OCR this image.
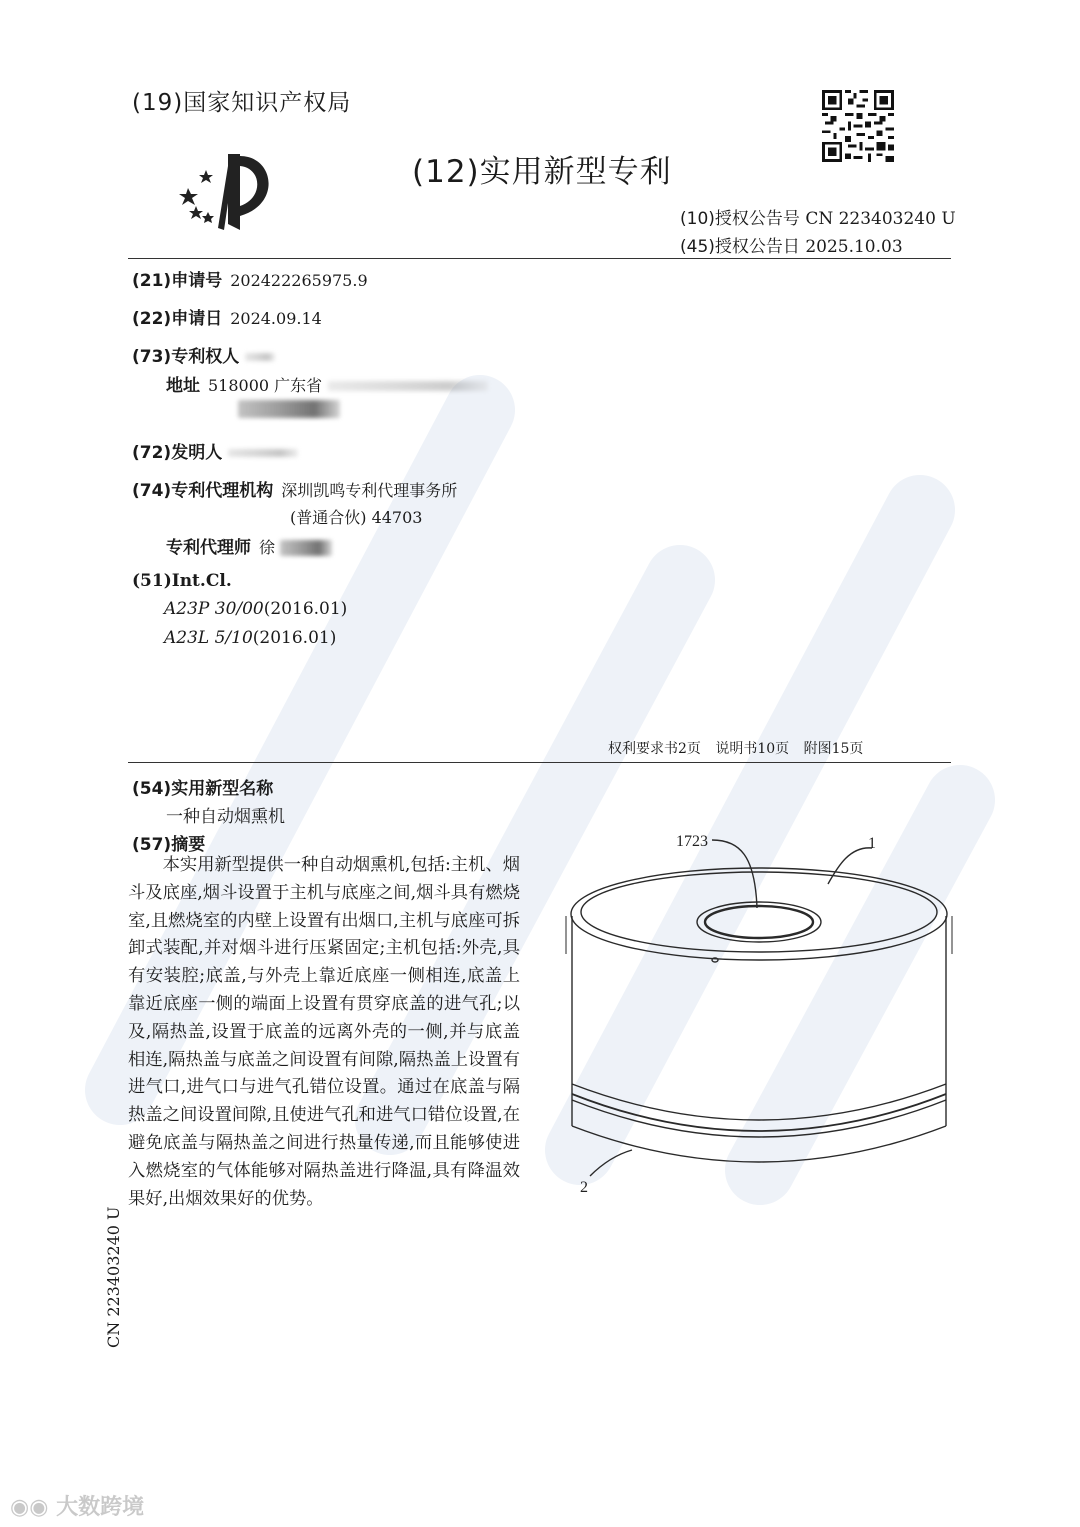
(19)国家知识产权局
(12)实用新型专利
(10)授权公告号 CN 223403240 U
(45)授权公告日 2025.10.03
(21)申请号 202422265975.9
(22)申请日 2024.09.14
(73)专利权人
地址 518000 广东省
(72)发明人
(74)专利代理机构 深圳凯鸣专利代理事务所
(普通合伙) 44703
专利代理师 徐
(51)Int.Cl.
A23P 30/00(2016.01)
A23L 5/10(2016.01)
权利要求书2页 说明书10页 附图15页
(54)实用新型名称
一种自动烟熏机
(57)摘要
本实用新型提供一种自动烟熏机,包括:主机、烟斗及底座,烟斗设置于主机与底座之间,烟斗具有燃烧室,且燃烧室的内壁上设置有出烟口,主机与底座可拆卸式装配,并对烟斗进行压紧固定;主机包括:外壳,具有安装腔;底盖,与外壳上靠近底座一侧相连,底盖上靠近底座一侧的端面上设置有贯穿底盖的进气孔;以及,隔热盖,设置于底盖的远离外壳的一侧,并与底盖相连,隔热盖与底盖之间设置有间隙,隔热盖上设置有进气口,进气口与进气孔错位设置。通过在底盖与隔热盖之间设置间隙,且使进气孔和进气口错位设置,在避免底盖与隔热盖之间进行热量传递,而且能够使进入燃烧室的气体能够对隔热盖进行降温,具有降温效果好,出烟效果好的优势。
1723	1
2
CN 223403240 U
◉◉ 大数跨境
